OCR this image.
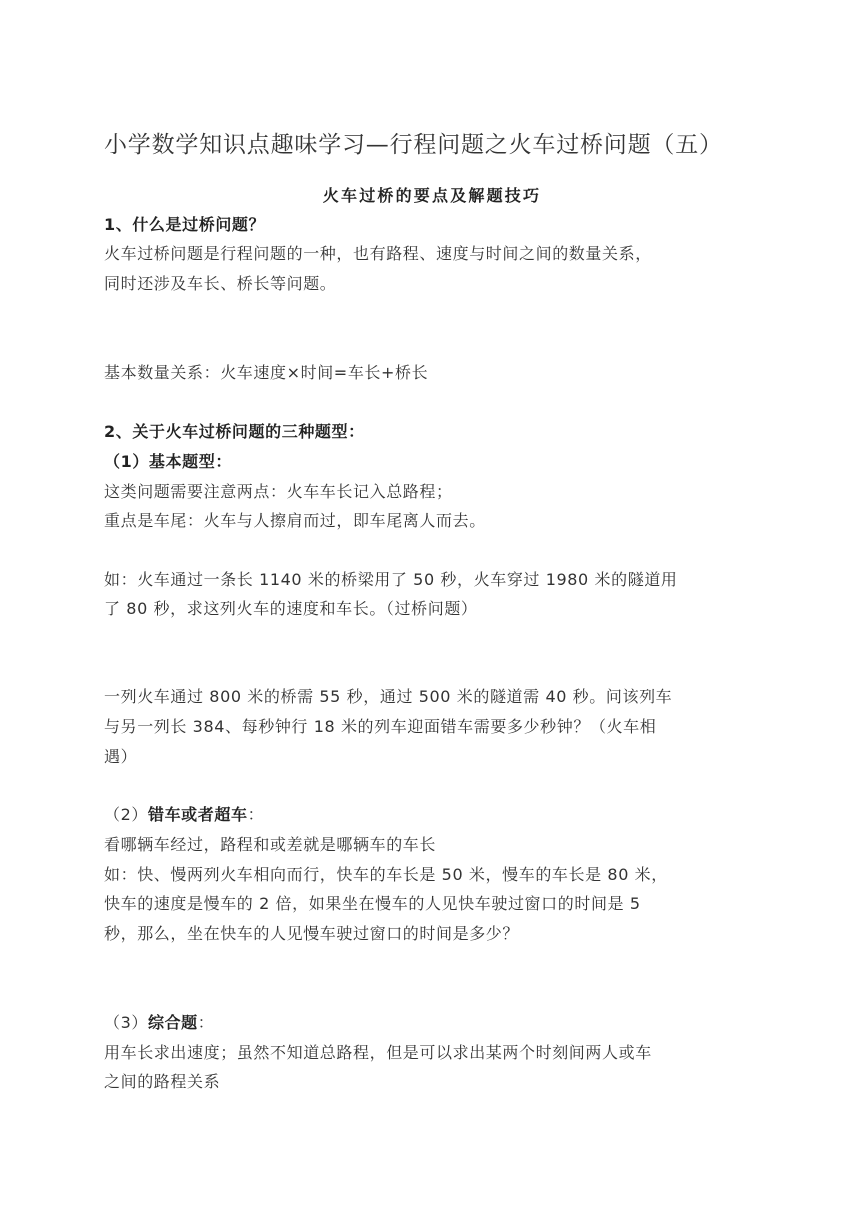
小学数学知识点趣味学习—行程问题之火车过桥问题（五）
火车过桥的要点及解题技巧
1、什么是过桥问题？
火车过桥问题是行程问题的一种，也有路程、速度与时间之间的数量关系，
同时还涉及车长、桥长等问题。
基本数量关系：火车速度×时间=车长+桥长
2、关于火车过桥问题的三种题型：
（1）基本题型：
这类问题需要注意两点：火车车长记入总路程；
重点是车尾：火车与人擦肩而过，即车尾离人而去。
如：火车通过一条长 1140 米的桥梁用了 50 秒，火车穿过 1980 米的隧道用
了 80 秒，求这列火车的速度和车长。（过桥问题）
一列火车通过 800 米的桥需 55 秒，通过 500 米的隧道需 40 秒。问该列车
与另一列长 384、每秒钟行 18 米的列车迎面错车需要多少秒钟？（火车相
遇）
（2）错车或者超车：
看哪辆车经过，路程和或差就是哪辆车的车长
如：快、慢两列火车相向而行，快车的车长是 50 米，慢车的车长是 80 米，
快车的速度是慢车的 2 倍，如果坐在慢车的人见快车驶过窗口的时间是 5
秒，那么，坐在快车的人见慢车驶过窗口的时间是多少？
（3）综合题：
用车长求出速度；虽然不知道总路程，但是可以求出某两个时刻间两人或车
之间的路程关系
